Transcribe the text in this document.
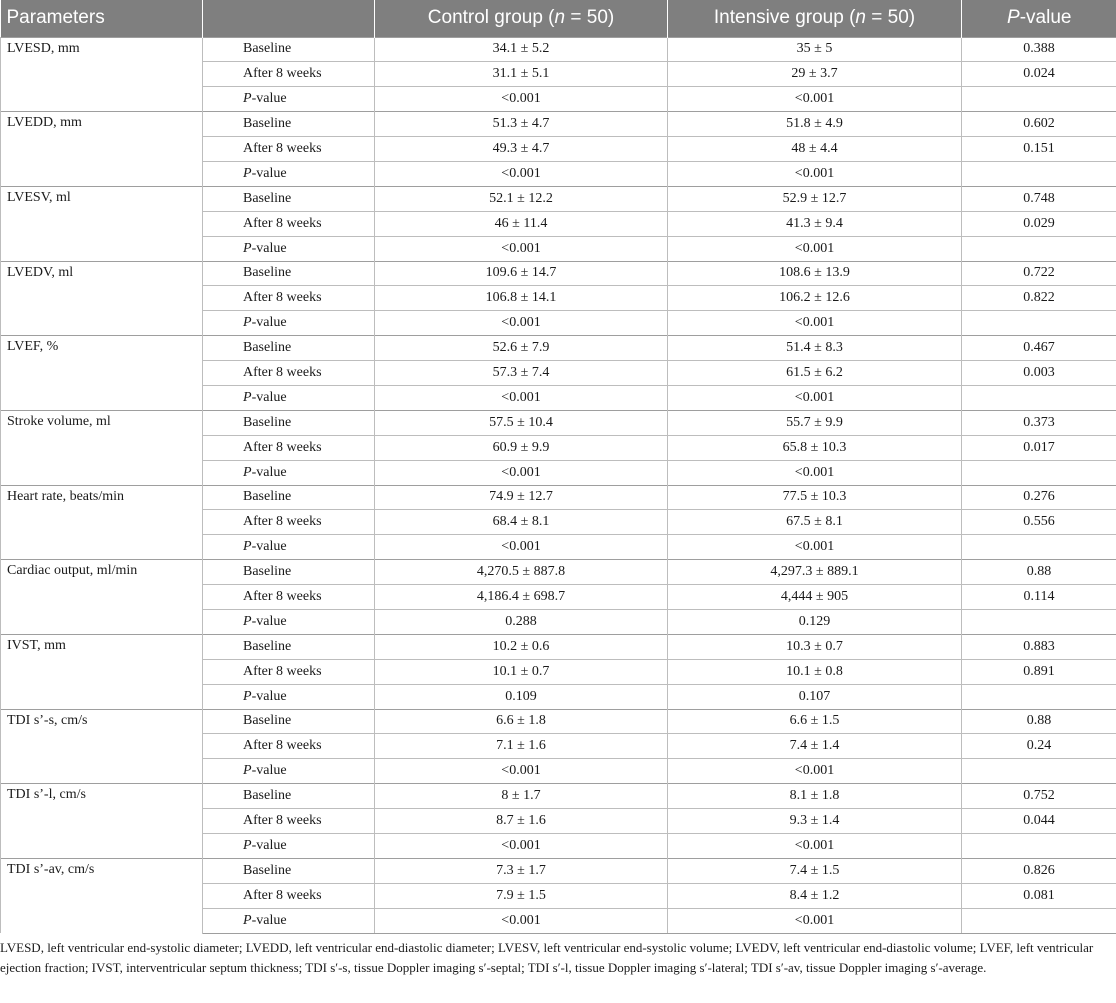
Parameters		Control group (n = 50)	Intensive group (n = 50)	P-value
LVESD, mm	Baseline	34.1 ± 5.2	35 ± 5	0.388
	After 8 weeks	31.1 ± 5.1	29 ± 3.7	0.024
	P-value	<0.001	<0.001	
LVEDD, mm	Baseline	51.3 ± 4.7	51.8 ± 4.9	0.602
	After 8 weeks	49.3 ± 4.7	48 ± 4.4	0.151
	P-value	<0.001	<0.001	
LVESV, ml	Baseline	52.1 ± 12.2	52.9 ± 12.7	0.748
	After 8 weeks	46 ± 11.4	41.3 ± 9.4	0.029
	P-value	<0.001	<0.001	
LVEDV, ml	Baseline	109.6 ± 14.7	108.6 ± 13.9	0.722
	After 8 weeks	106.8 ± 14.1	106.2 ± 12.6	0.822
	P-value	<0.001	<0.001	
LVEF, %	Baseline	52.6 ± 7.9	51.4 ± 8.3	0.467
	After 8 weeks	57.3 ± 7.4	61.5 ± 6.2	0.003
	P-value	<0.001	<0.001	
Stroke volume, ml	Baseline	57.5 ± 10.4	55.7 ± 9.9	0.373
	After 8 weeks	60.9 ± 9.9	65.8 ± 10.3	0.017
	P-value	<0.001	<0.001	
Heart rate, beats/min	Baseline	74.9 ± 12.7	77.5 ± 10.3	0.276
	After 8 weeks	68.4 ± 8.1	67.5 ± 8.1	0.556
	P-value	<0.001	<0.001	
Cardiac output, ml/min	Baseline	4,270.5 ± 887.8	4,297.3 ± 889.1	0.88
	After 8 weeks	4,186.4 ± 698.7	4,444 ± 905	0.114
	P-value	0.288	0.129	
IVST, mm	Baseline	10.2 ± 0.6	10.3 ± 0.7	0.883
	After 8 weeks	10.1 ± 0.7	10.1 ± 0.8	0.891
	P-value	0.109	0.107	
TDI s’-s, cm/s	Baseline	6.6 ± 1.8	6.6 ± 1.5	0.88
	After 8 weeks	7.1 ± 1.6	7.4 ± 1.4	0.24
	P-value	<0.001	<0.001	
TDI s’-l, cm/s	Baseline	8 ± 1.7	8.1 ± 1.8	0.752
	After 8 weeks	8.7 ± 1.6	9.3 ± 1.4	0.044
	P-value	<0.001	<0.001	
TDI s’-av, cm/s	Baseline	7.3 ± 1.7	7.4 ± 1.5	0.826
	After 8 weeks	7.9 ± 1.5	8.4 ± 1.2	0.081
	P-value	<0.001	<0.001	

LVESD, left ventricular end-systolic diameter; LVEDD, left ventricular end-diastolic diameter; LVESV, left ventricular end-systolic volume; LVEDV, left ventricular end-diastolic volume; LVEF, left ventricular ejection fraction; IVST, interventricular septum thickness; TDI s′-s, tissue Doppler imaging s′-septal; TDI s′-l, tissue Doppler imaging s′-lateral; TDI s′-av, tissue Doppler imaging s′-average.
